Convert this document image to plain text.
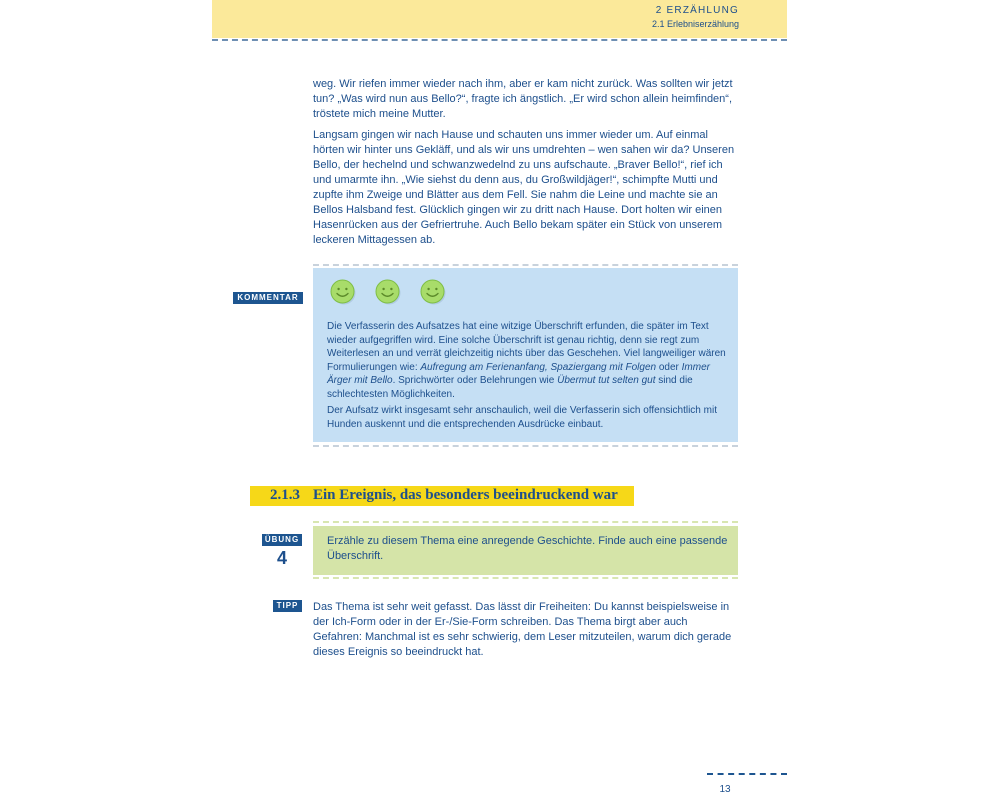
2 ERZÄHLUNG
2.1 Erlebniserzählung

weg. Wir riefen immer wieder nach ihm, aber er kam nicht zurück. Was sollten wir jetzt tun? „Was wird nun aus Bello?“, fragte ich ängstlich. „Er wird schon allein heimfinden“, tröstete mich meine Mutter.

Langsam gingen wir nach Hause und schauten uns immer wieder um. Auf einmal hörten wir hinter uns Gekläff, und als wir uns umdrehten – wen sahen wir da? Unseren Bello, der hechelnd und schwanzwedelnd zu uns aufschaute. „Braver Bello!“, rief ich und umarmte ihn. „Wie siehst du denn aus, du Großwildjäger!“, schimpfte Mutti und zupfte ihm Zweige und Blätter aus dem Fell. Sie nahm die Leine und machte sie an Bellos Halsband fest. Glücklich gingen wir zu dritt nach Hause. Dort holten wir einen Hasenrücken aus der Gefriertruhe. Auch Bello bekam später ein Stück von unserem leckeren Mittagessen ab.

KOMMENTAR

Die Verfasserin des Aufsatzes hat eine witzige Überschrift erfunden, die später im Text wieder aufgegriffen wird. Eine solche Überschrift ist genau richtig, denn sie regt zum Weiterlesen an und verrät gleichzeitig nichts über das Geschehen. Viel langweiliger wären Formulierungen wie: Aufregung am Ferienanfang, Spaziergang mit Folgen oder Immer Ärger mit Bello. Sprichwörter oder Belehrungen wie Übermut tut selten gut sind die schlechtesten Möglichkeiten.

Der Aufsatz wirkt insgesamt sehr anschaulich, weil die Verfasserin sich offensichtlich mit Hunden auskennt und die entsprechenden Ausdrücke einbaut.

2.1.3 Ein Ereignis, das besonders beeindruckend war
ÜBUNG
4

Erzähle zu diesem Thema eine anregende Geschichte. Finde auch eine passende Überschrift.

TIPP	Das Thema ist sehr weit gefasst. Das lässt dir Freiheiten: Du kannst beispielsweise in der Ich-Form oder in der Er-/Sie-Form schreiben. Das Thema birgt aber auch Gefahren: Manchmal ist es sehr schwierig, dem Leser mitzuteilen, warum dich gerade dieses Ereignis so beeindruckt hat.

13
